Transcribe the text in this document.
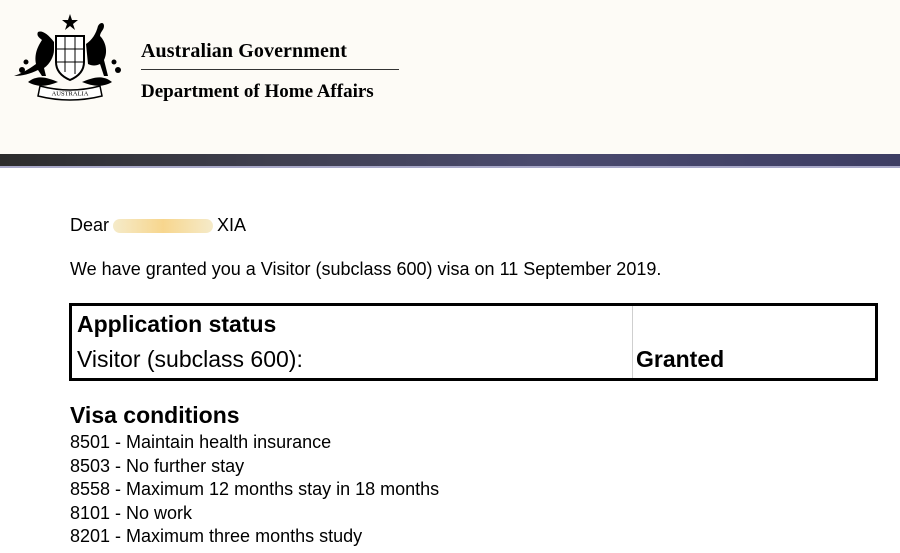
AUSTRALIA
Australian Government
Department of Home Affairs
Dear	XIA
We have granted you a Visitor (subclass 600) visa on 11 September 2019.
Application status
Visitor (subclass 600):	Granted
Visa conditions
8501 - Maintain health insurance
8503 - No further stay
8558 - Maximum 12 months stay in 18 months
8101 - No work
8201 - Maximum three months study
